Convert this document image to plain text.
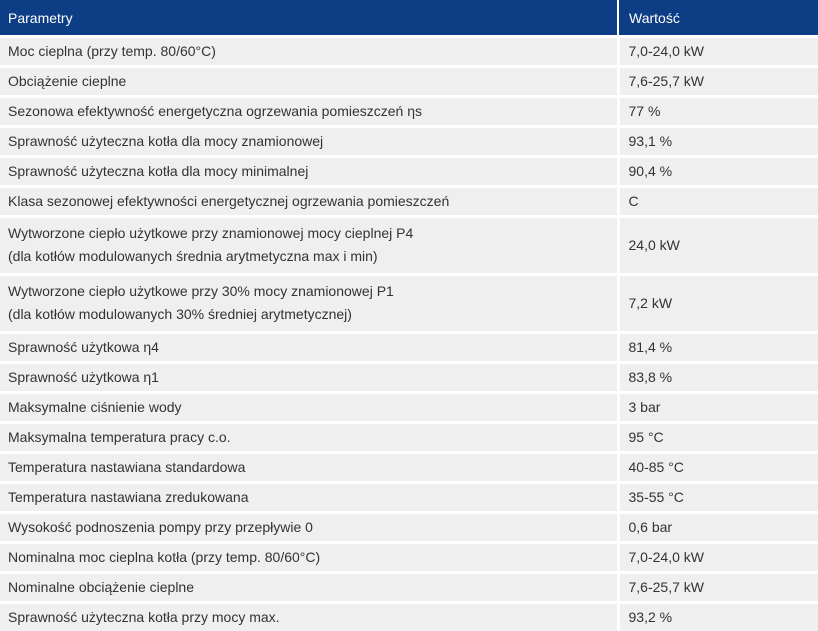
Parametry	Wartość

Moc cieplna (przy temp. 80/60°C)	7,0-24,0 kW

Obciążenie cieplne	7,6-25,7 kW

Sezonowa efektywność energetyczna ogrzewania pomieszczeń ηs	77 %

Sprawność użyteczna kotła dla mocy znamionowej	93,1 %

Sprawność użyteczna kotła dla mocy minimalnej	90,4 %

Klasa sezonowej efektywności energetycznej ogrzewania pomieszczeń	C

Wytworzone ciepło użytkowe przy znamionowej mocy cieplnej P4
(dla kotłów modulowanych średnia arytmetyczna max i min)	24,0 kW

Wytworzone ciepło użytkowe przy 30% mocy znamionowej P1
(dla kotłów modulowanych 30% średniej arytmetycznej)	7,2 kW

Sprawność użytkowa η4	81,4 %

Sprawność użytkowa η1	83,8 %

Maksymalne ciśnienie wody	3 bar

Maksymalna temperatura pracy c.o.	95 °C

Temperatura nastawiana standardowa	40-85 °C

Temperatura nastawiana zredukowana	35-55 °C

Wysokość podnoszenia pompy przy przepływie 0	0,6 bar

Nominalna moc cieplna kotła (przy temp. 80/60°C)	7,0-24,0 kW

Nominalne obciążenie cieplne	7,6-25,7 kW

Sprawność użyteczna kotła przy mocy max.	93,2 %
